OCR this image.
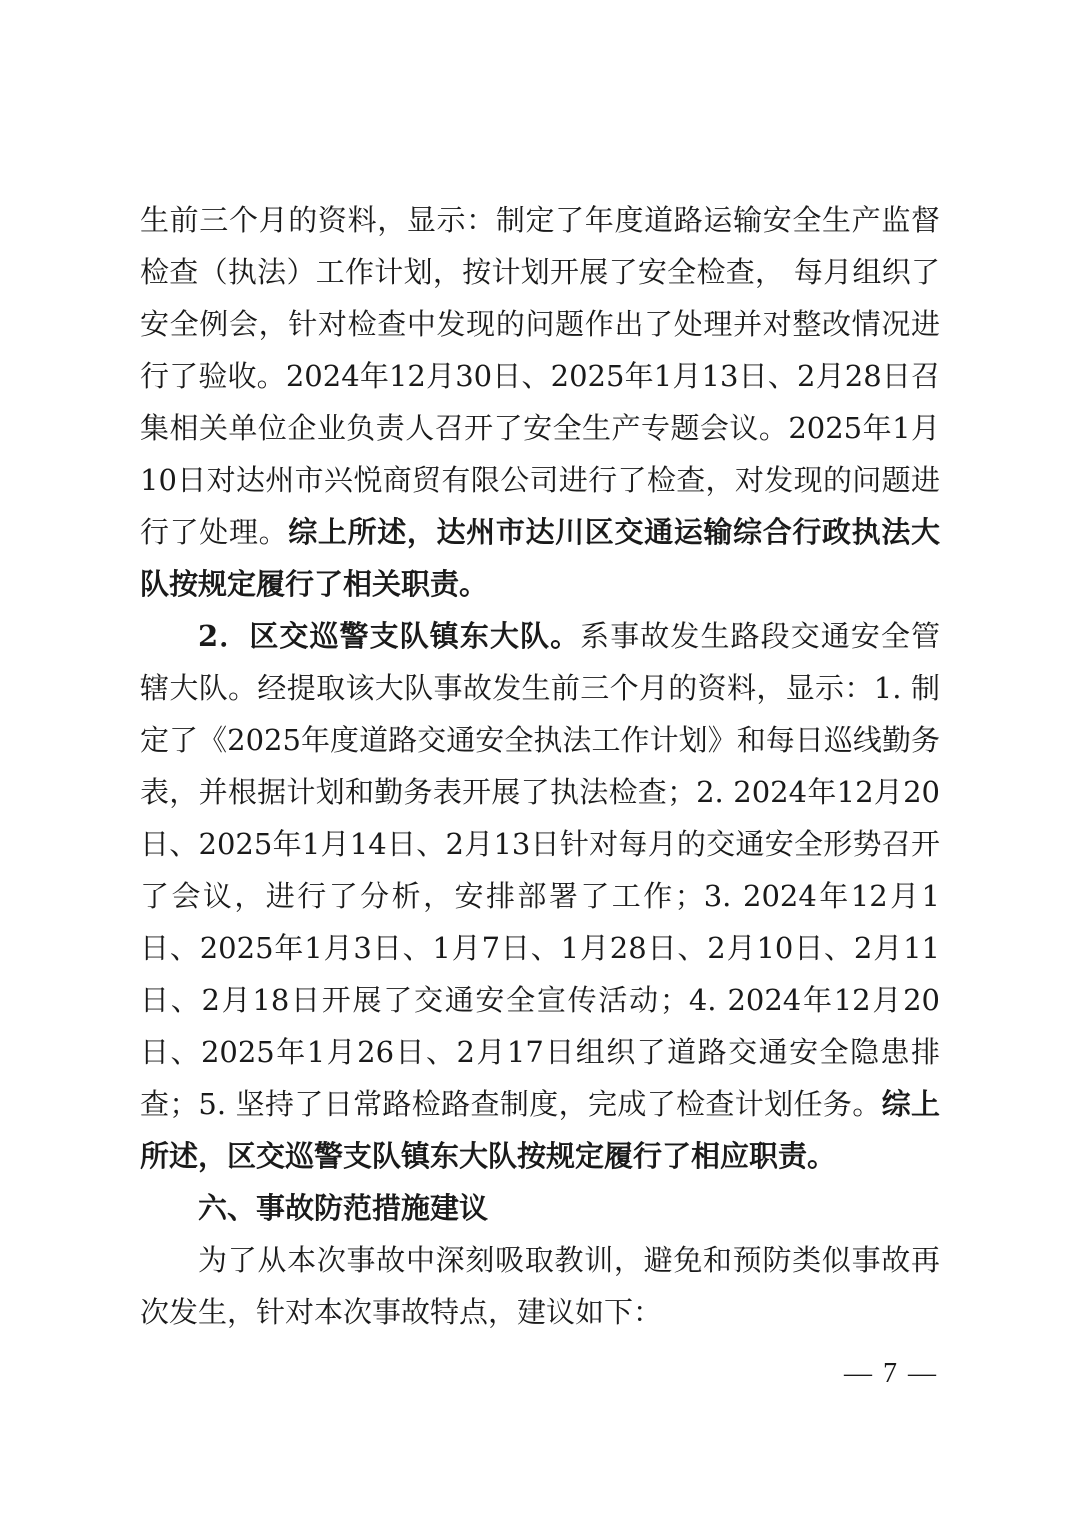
生前三个月的资料，显示：制定了年度道路运输安全生产监督检查（执法）工作计划，按计划开展了安全检查， 每月组织了安全例会，针对检查中发现的问题作出了处理并对整改情况进行了验收。2024年12月30日、2025年1月13日、2月28日召集相关单位企业负责人召开了安全生产专题会议。2025年1月10日对达州市兴悦商贸有限公司进行了检查，对发现的问题进行了处理。综上所述，达州市达川区交通运输综合行政执法大队按规定履行了相关职责。

2．区交巡警支队镇东大队。系事故发生路段交通安全管辖大队。经提取该大队事故发生前三个月的资料，显示：1. 制定了《2025年度道路交通安全执法工作计划》和每日巡线勤务表，并根据计划和勤务表开展了执法检查；2. 2024年12月20日、2025年1月14日、2月13日针对每月的交通安全形势召开了会议，进行了分析，安排部署了工作；3. 2024年12月1日、2025年1月3日、1月7日、1月28日、2月10日、2月11日、2月18日开展了交通安全宣传活动；4. 2024年12月20日、2025年1月26日、2月17日组织了道路交通安全隐患排查；5. 坚持了日常路检路查制度，完成了检查计划任务。综上所述，区交巡警支队镇东大队按规定履行了相应职责。

六、事故防范措施建议

为了从本次事故中深刻吸取教训，避免和预防类似事故再次发生，针对本次事故特点，建议如下：

— 7 —
